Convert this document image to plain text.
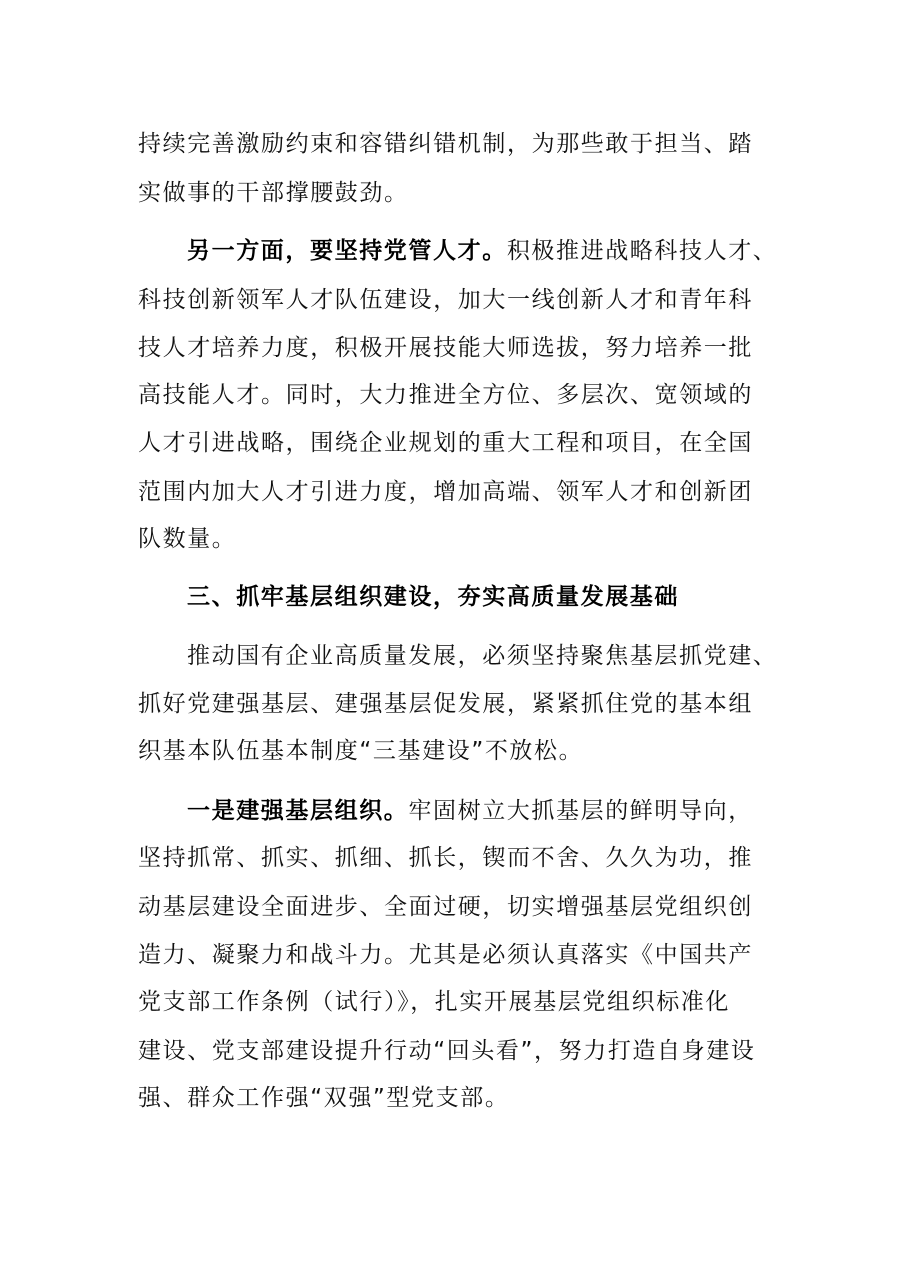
持续完善激励约束和容错纠错机制，为那些敢于担当、踏
实做事的干部撑腰鼓劲。
另一方面，要坚持党管人才。积极推进战略科技人才、
科技创新领军人才队伍建设，加大一线创新人才和青年科
技人才培养力度，积极开展技能大师选拔，努力培养一批
高技能人才。同时，大力推进全方位、多层次、宽领域的
人才引进战略，围绕企业规划的重大工程和项目，在全国
范围内加大人才引进力度，增加高端、领军人才和创新团
队数量。
三、抓牢基层组织建设，夯实高质量发展基础
推动国有企业高质量发展，必须坚持聚焦基层抓党建、
抓好党建强基层、建强基层促发展，紧紧抓住党的基本组
织基本队伍基本制度“三基建设”不放松。
一是建强基层组织。牢固树立大抓基层的鲜明导向，
坚持抓常、抓实、抓细、抓长，锲而不舍、久久为功，推
动基层建设全面进步、全面过硬，切实增强基层党组织创
造力、凝聚力和战斗力。尤其是必须认真落实《中国共产
党支部工作条例（试行）》，扎实开展基层党组织标准化
建设、党支部建设提升行动“回头看”，努力打造自身建设
强、群众工作强“双强”型党支部。
